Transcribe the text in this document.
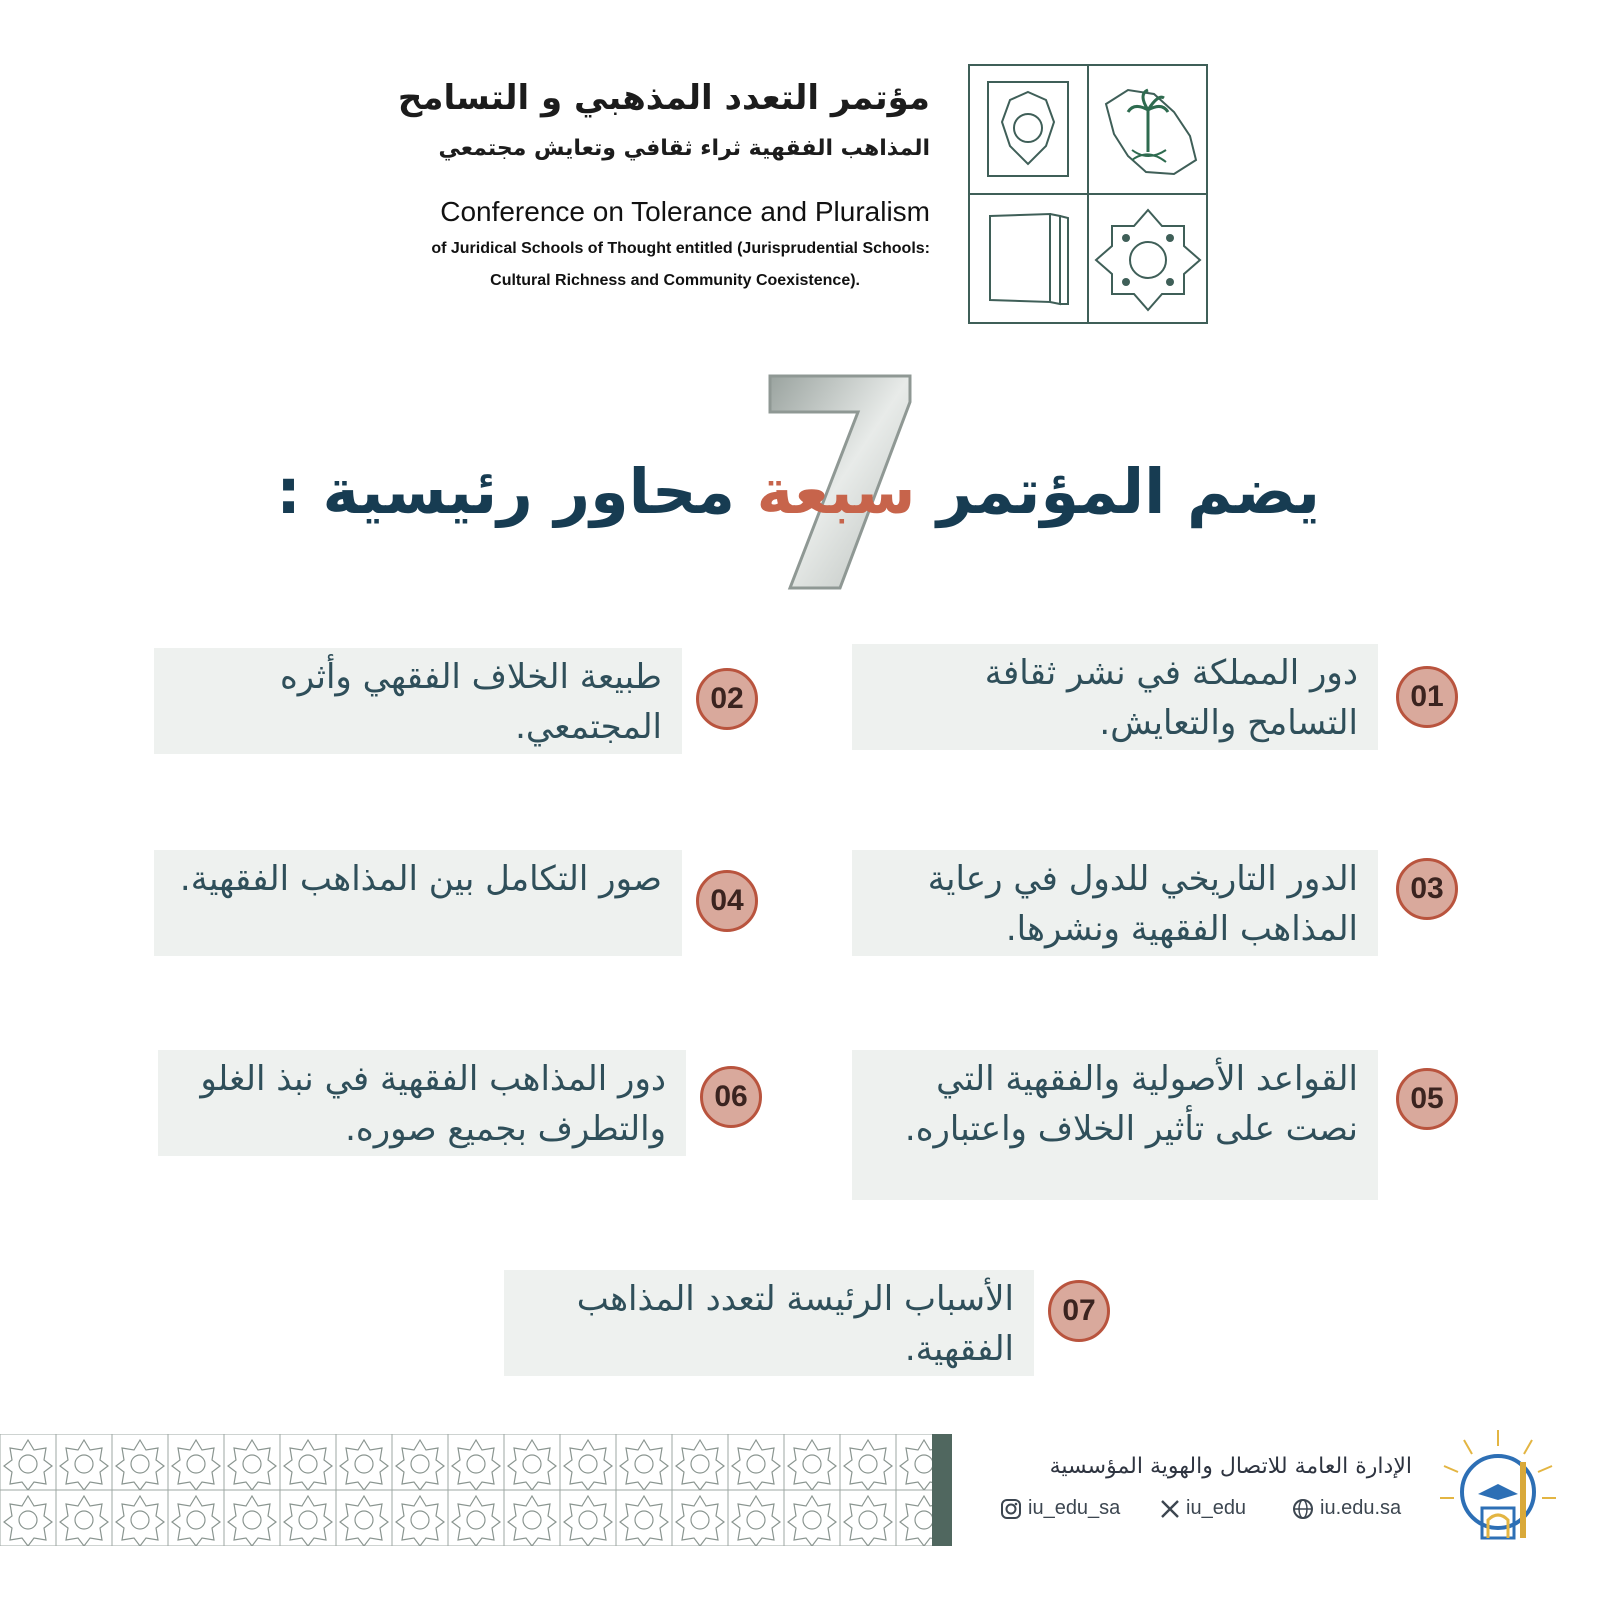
مؤتمر التعدد المذهبي و التسامح
المذاهب الفقهية ثراء ثقافي وتعايش مجتمعي
Conference on Tolerance and Pluralism
of Juridical Schools of Thought entitled (Jurisprudential Schools:
Cultural Richness and Community Coexistence).
7
يضم المؤتمر سبعة محاور رئيسية :
دور المملكة في نشر ثقافة التسامح والتعايش.
01
طبيعة الخلاف الفقهي وأثره المجتمعي.
02
الدور التاريخي للدول في رعاية المذاهب الفقهية ونشرها.
03
صور التكامل بين المذاهب الفقهية.
04
القواعد الأصولية والفقهية التي نصت على تأثير الخلاف واعتباره.
05
دور المذاهب الفقهية في نبذ الغلو والتطرف بجميع صوره.
06
الأسباب الرئيسة لتعدد المذاهب الفقهية.
07
الإدارة العامة للاتصال والهوية المؤسسية
iu_edu_sa	iu_edu	iu.edu.sa
